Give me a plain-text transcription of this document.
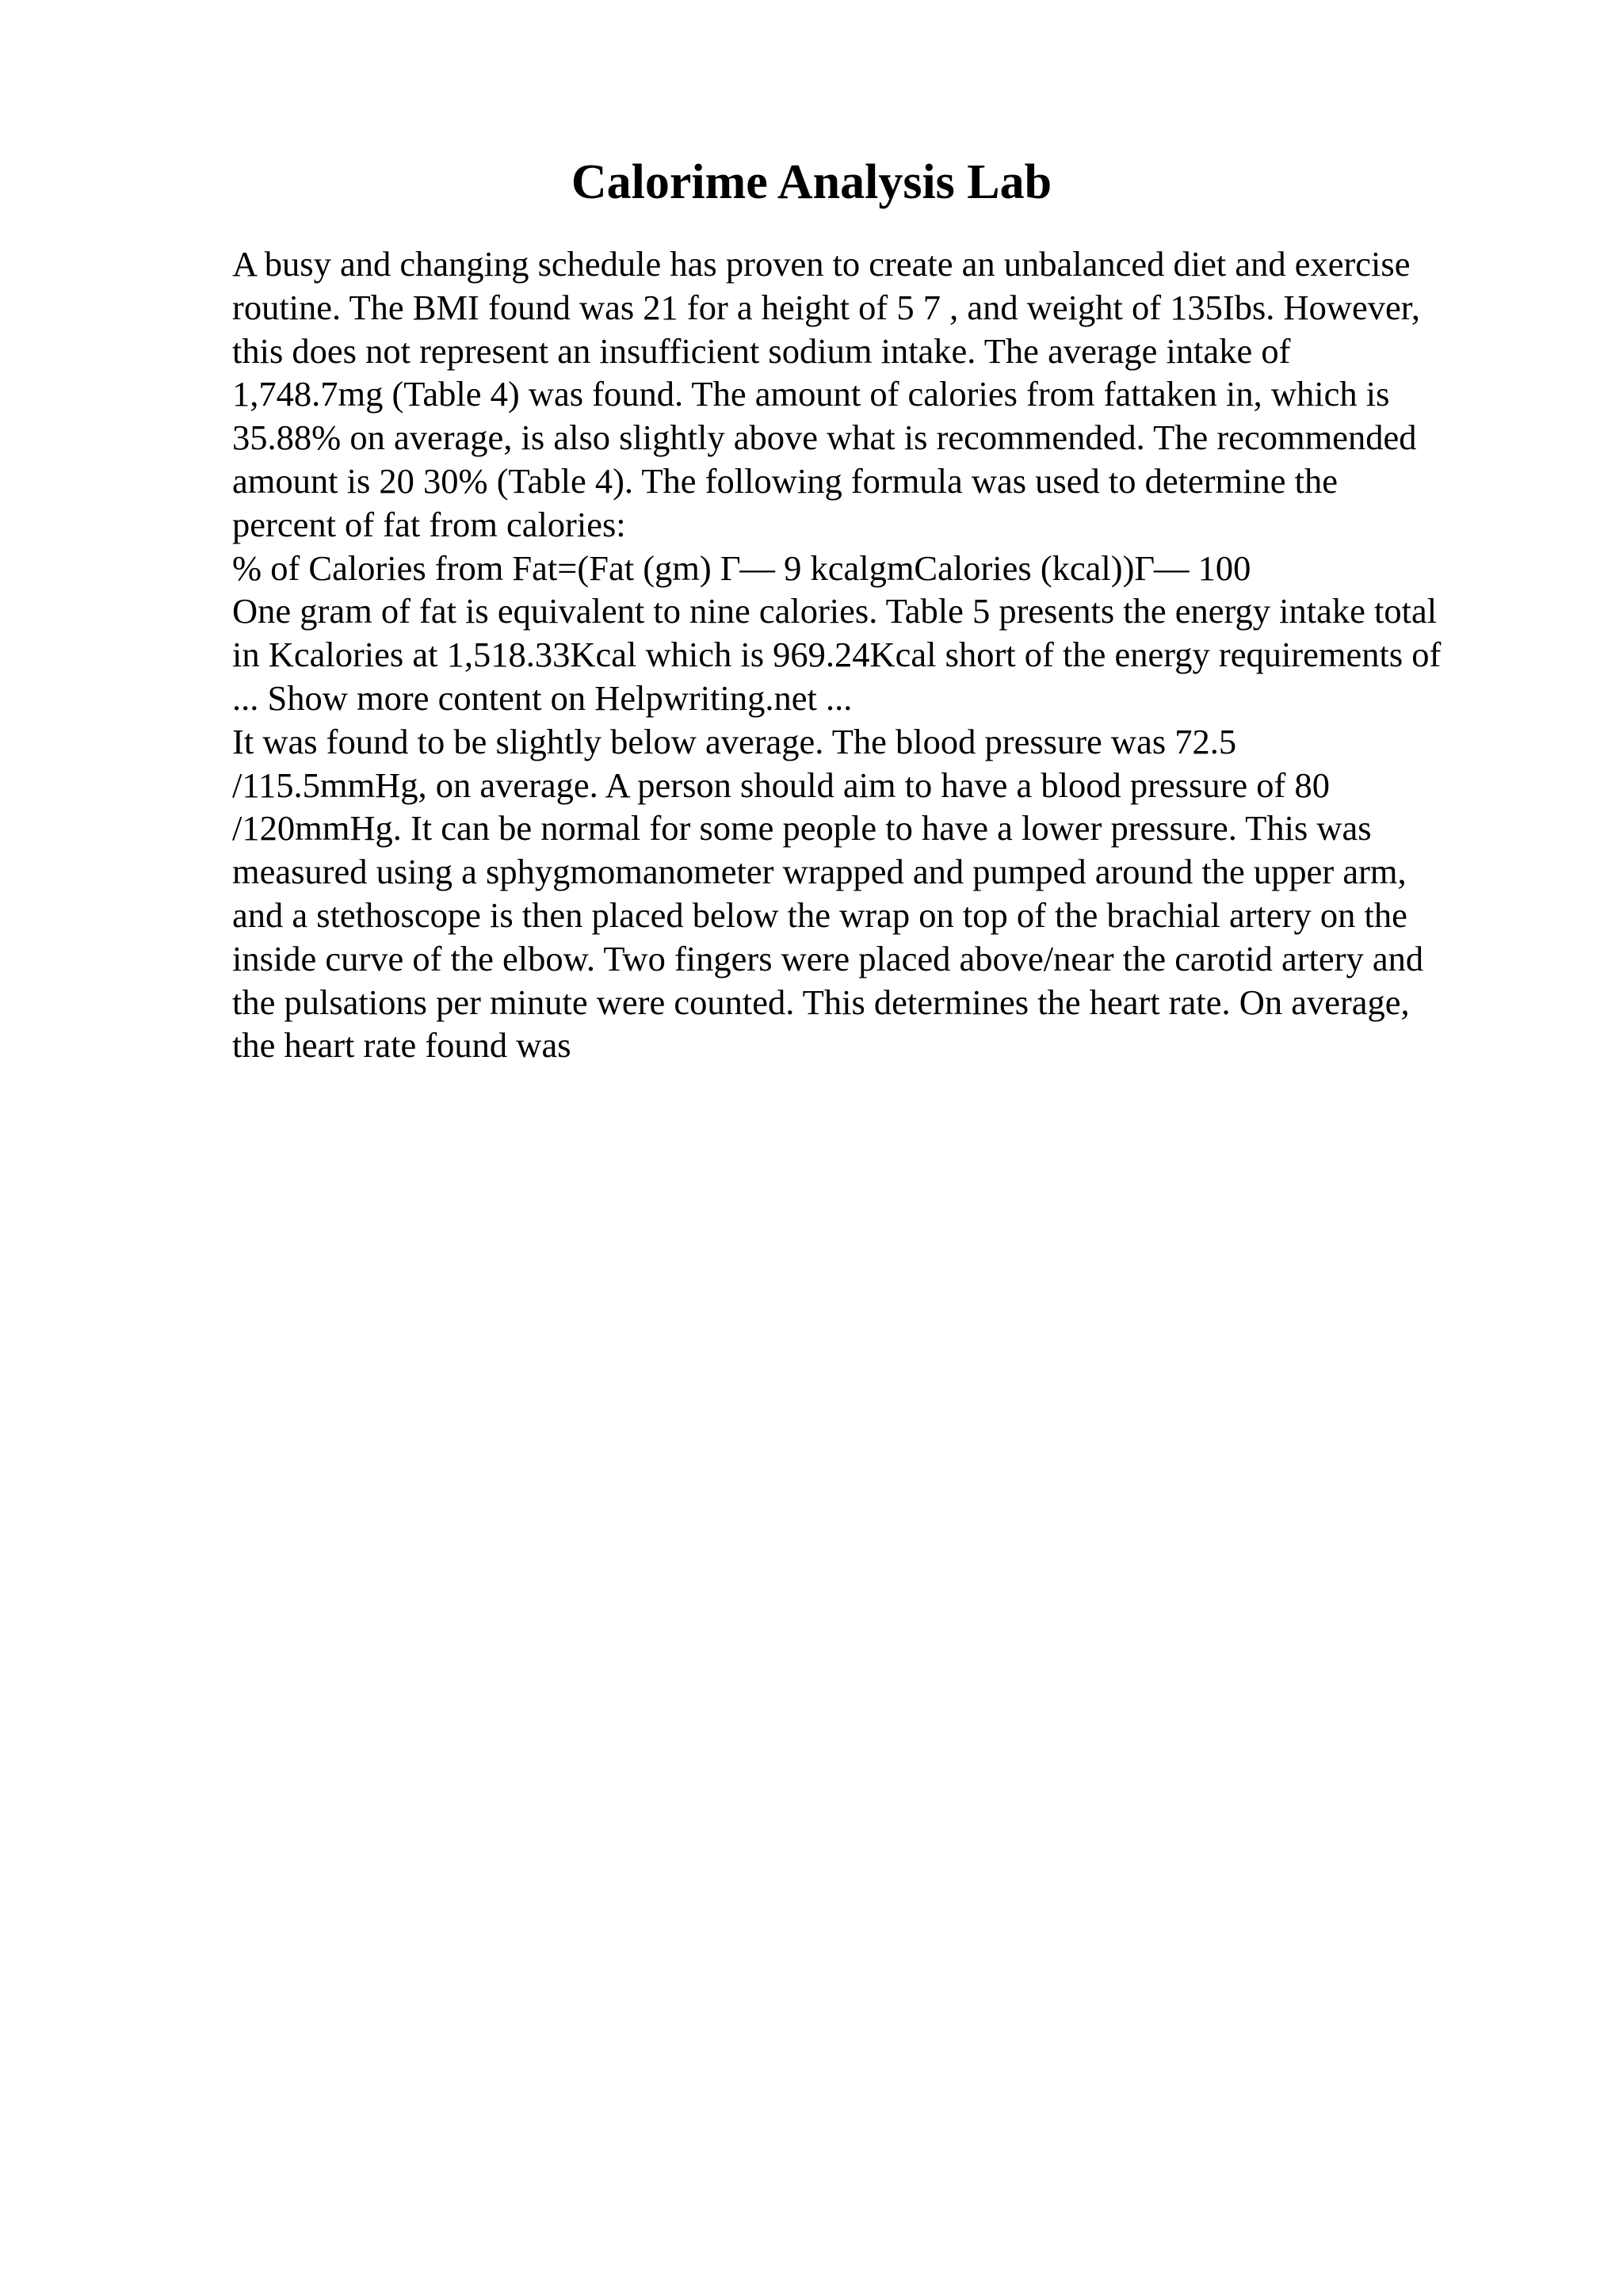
Calorime Analysis Lab
A busy and changing schedule has proven to create an unbalanced diet and exercise
routine. The BMI found was 21 for a height of 5 7 , and weight of 135Ibs. However,
this does not represent an insufficient sodium intake. The average intake of
1,748.7mg (Table 4) was found. The amount of calories from fattaken in, which is
35.88% on average, is also slightly above what is recommended. The recommended
amount is 20 30% (Table 4). The following formula was used to determine the
percent of fat from calories:
% of Calories from Fat=(Fat (gm) Г— 9 kcalgmCalories (kcal))Г— 100
One gram of fat is equivalent to nine calories. Table 5 presents the energy intake total
in Kcalories at 1,518.33Kcal which is 969.24Kcal short of the energy requirements of
... Show more content on Helpwriting.net ...
It was found to be slightly below average. The blood pressure was 72.5
/115.5mmHg, on average. A person should aim to have a blood pressure of 80
/120mmHg. It can be normal for some people to have a lower pressure. This was
measured using a sphygmomanometer wrapped and pumped around the upper arm,
and a stethoscope is then placed below the wrap on top of the brachial artery on the
inside curve of the elbow. Two fingers were placed above/near the carotid artery and
the pulsations per minute were counted. This determines the heart rate. On average,
the heart rate found was
